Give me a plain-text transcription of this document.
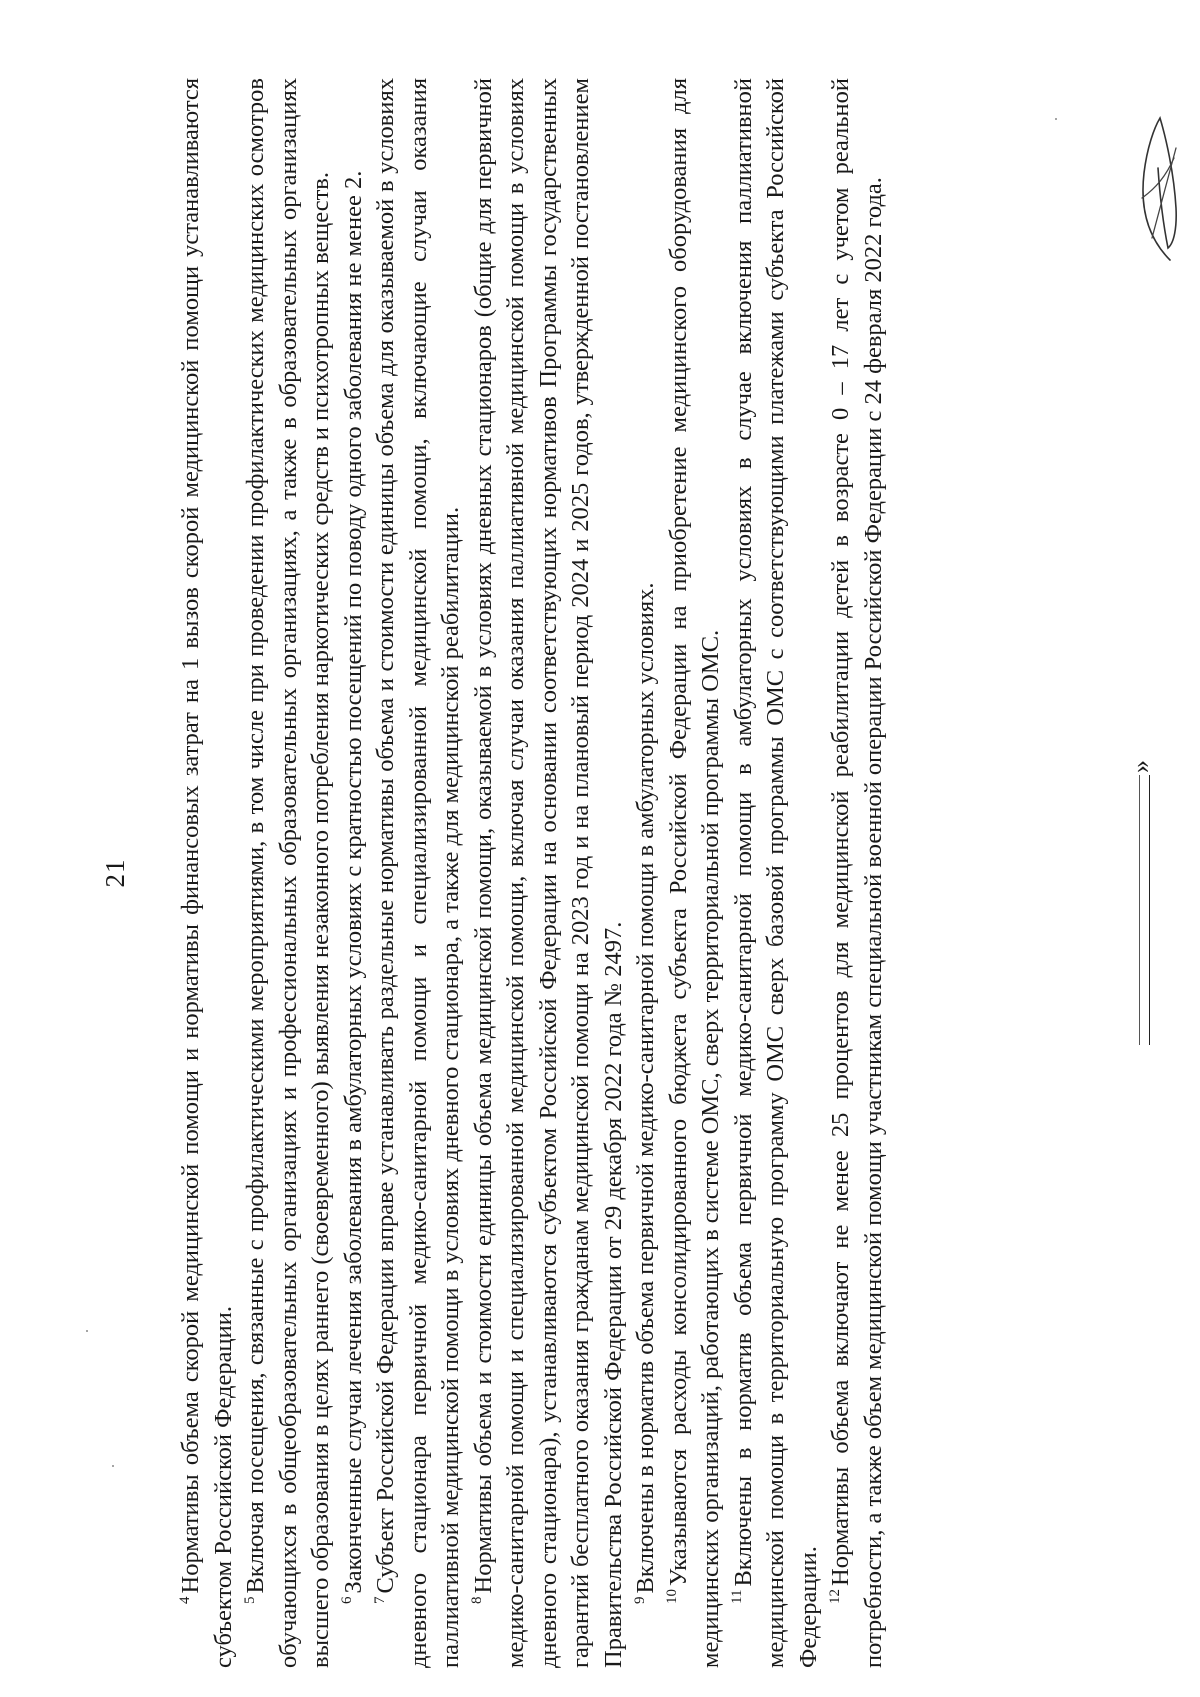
21

$^4$Нормативы объема скорой медицинской помощи и нормативы финансовых затрат на 1 вызов скорой медицинской помощи устанавливаются субъектом Российской Федерации. $^5$Включая посещения, связанные с профилактическими мероприятиями, в том числе при проведении профилактических медицинских осмотров обучающихся в общеобразовательных организациях и профессиональных образовательных организациях, а также в образовательных организациях высшего образования в целях раннего (своевременного) выявления незаконного потребления наркотических средств и психотропных веществ. $^6$Законченные случаи лечения заболевания в амбулаторных условиях с кратностью посещений по поводу одного заболевания не менее 2.

$^7$Субъект Российской Федерации вправе устанавливать раздельные нормативы объема и стоимости единицы объема для оказываемой в условиях дневного стационара первичной медико-санитарной помощи и специализированной медицинской помощи, включающие случаи оказания паллиативной медицинской помощи в условиях дневного стационара, а также для медицинской реабилитации. $^8$Нормативы объема и стоимости единицы объема медицинской помощи, оказываемой в условиях дневных стационаров (общие для первичной медико-санитарной помощи и специализированной медицинской помощи, включая случаи оказания паллиативной медицинской помощи в условиях дневного стационара), устанавливаются субъектом Российской Федерации на основании соответствующих нормативов Программы государственных гарантий бесплатного оказания гражданам медицинской помощи на 2023 год и на плановый период 2024 и 2025 годов, утвержденной постановлением Правительства Российской Федерации от 29 декабря 2022 года № 2497. $^9$Включены в норматив объема первичной медико-санитарной помощи в амбулаторных условиях.

$^{10}$Указываются расходы консолидированного бюджета субъекта Российской Федерации на приобретение медицинского оборудования для медицинских организаций, работающих в системе ОМС, сверх территориальной программы ОМС. $^{11}$Включены в норматив объема первичной медико-санитарной помощи в амбулаторных условиях в случае включения паллиативной медицинской помощи в территориальную программу ОМС сверх базовой программы ОМС с соответствующими платежами субъекта Российской Федерации. $^{12}$Нормативы объема включают не менее 25 процентов для медицинской реабилитации детей в возрасте 0 – 17 лет с учетом реальной потребности, а также объем медицинской помощи участникам специальной военной операции Российской Федерации с 24 февраля 2022 года.	»
